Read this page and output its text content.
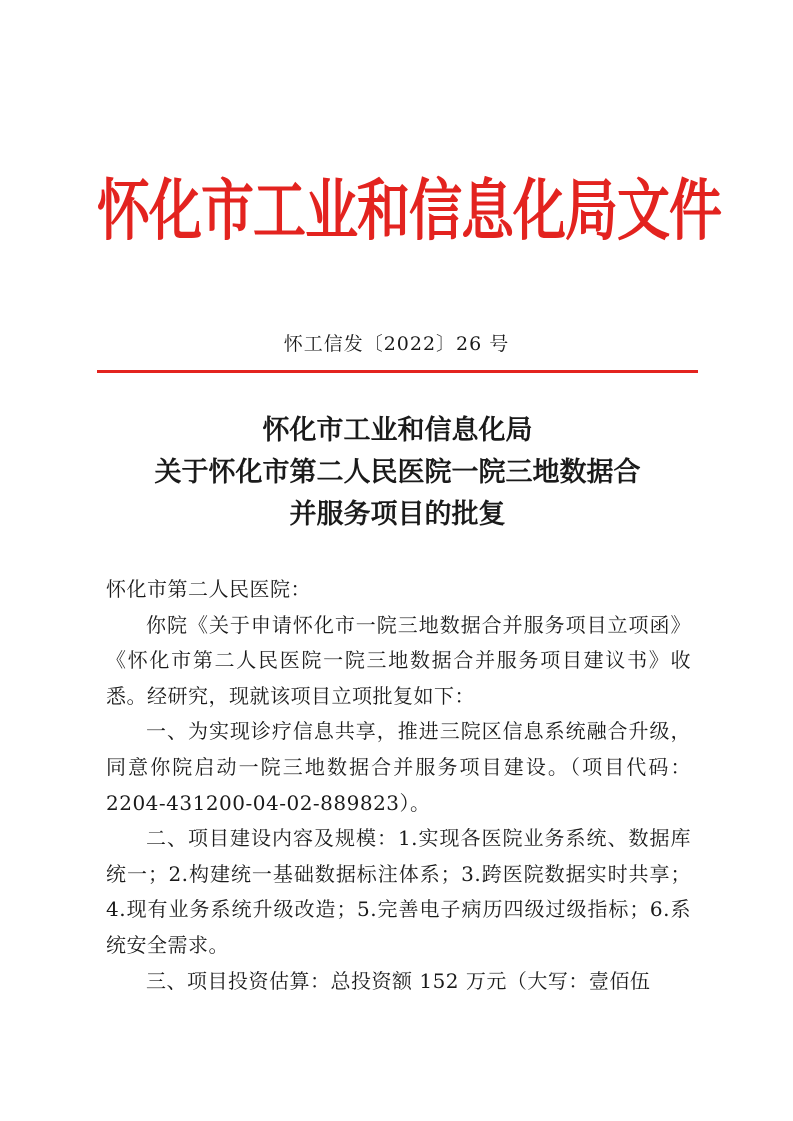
怀化市工业和信息化局文件
怀工信发〔2022〕26 号
怀化市工业和信息化局
关于怀化市第二人民医院一院三地数据合
并服务项目的批复

怀化市第二人民医院：

你院《关于申请怀化市一院三地数据合并服务项目立项函》《怀化市第二人民医院一院三地数据合并服务项目建议书》收悉。经研究，现就该项目立项批复如下：

一、为实现诊疗信息共享，推进三院区信息系统融合升级，同意你院启动一院三地数据合并服务项目建设。（项目代码：2204-431200-04-02-889823）。

二、项目建设内容及规模：1.实现各医院业务系统、数据库统一；2.构建统一基础数据标注体系；3.跨医院数据实时共享；4.现有业务系统升级改造；5.完善电子病历四级过级指标；6.系统安全需求。

三、项目投资估算：总投资额 152 万元（大写：壹佰伍
